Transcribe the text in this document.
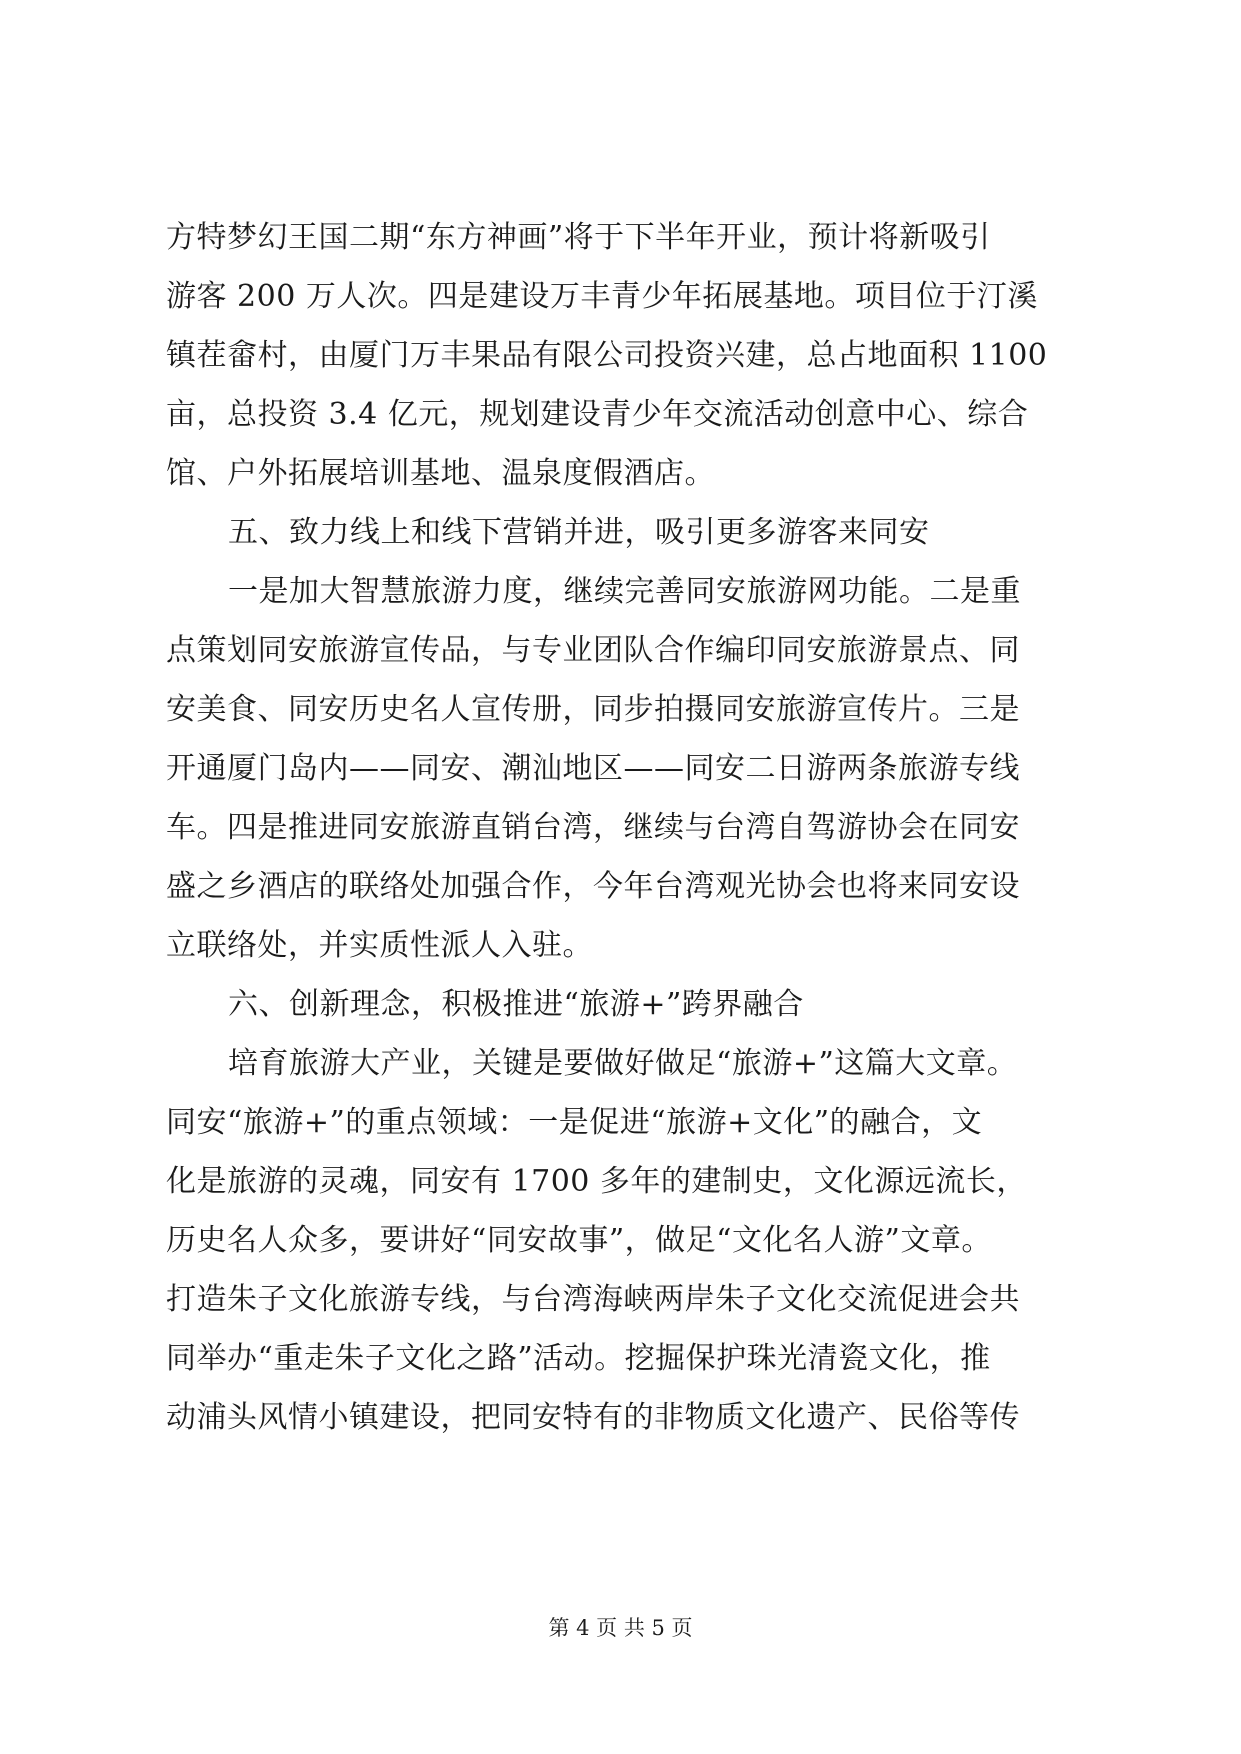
方特梦幻王国二期“东方神画”将于下半年开业，预计将新吸引
游客 200 万人次。四是建设万丰青少年拓展基地。项目位于汀溪
镇茬畲村，由厦门万丰果品有限公司投资兴建，总占地面积 1100
亩，总投资 3.4 亿元，规划建设青少年交流活动创意中心、综合
馆、户外拓展培训基地、温泉度假酒店。
五、致力线上和线下营销并进，吸引更多游客来同安
一是加大智慧旅游力度，继续完善同安旅游网功能。二是重
点策划同安旅游宣传品，与专业团队合作编印同安旅游景点、同
安美食、同安历史名人宣传册，同步拍摄同安旅游宣传片。三是
开通厦门岛内——同安、潮汕地区——同安二日游两条旅游专线
车。四是推进同安旅游直销台湾，继续与台湾自驾游协会在同安
盛之乡酒店的联络处加强合作，今年台湾观光协会也将来同安设
立联络处，并实质性派人入驻。
六、创新理念，积极推进“旅游+”跨界融合
培育旅游大产业，关键是要做好做足“旅游+”这篇大文章。
同安“旅游+”的重点领域：一是促进“旅游+文化”的融合，文
化是旅游的灵魂，同安有 1700 多年的建制史，文化源远流长，
历史名人众多，要讲好“同安故事”，做足“文化名人游”文章。
打造朱子文化旅游专线，与台湾海峡两岸朱子文化交流促进会共
同举办“重走朱子文化之路”活动。挖掘保护珠光清瓷文化，推
动浦头风情小镇建设，把同安特有的非物质文化遗产、民俗等传
第 4 页 共 5 页
